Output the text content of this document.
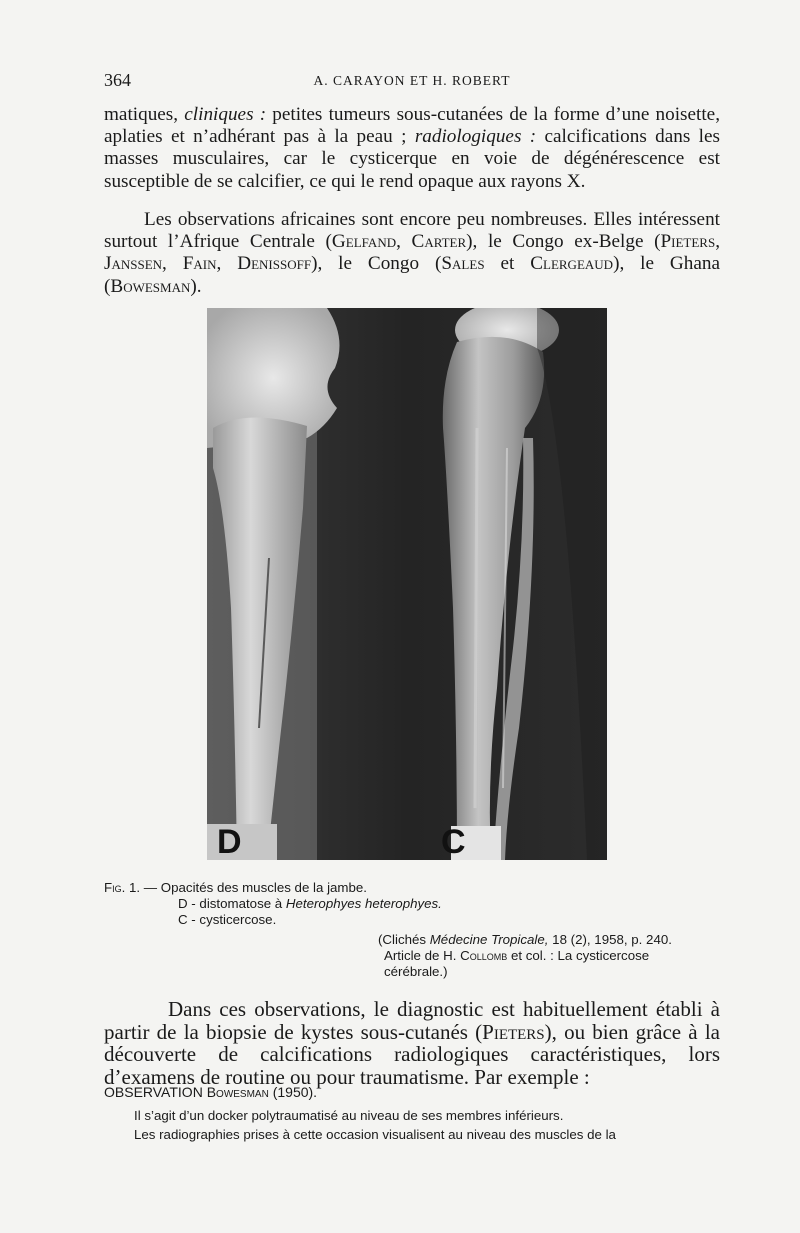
364	A. CARAYON ET H. ROBERT
matiques, cliniques : petites tumeurs sous-cutanées de la forme d’une noisette, aplaties et n’adhérant pas à la peau ; radiologiques : calcifications dans les masses musculaires, car le cysticerque en voie de dégénérescence est susceptible de se calcifier, ce qui le rend opaque aux rayons X.
Les observations africaines sont encore peu nombreuses. Elles intéressent surtout l’Afrique Centrale (Gelfand, Carter), le Congo ex-Belge (Pieters, Janssen, Fain, Denissoff), le Congo (Sales et Clergeaud), le Ghana (Bowesman).
D	C
Fig. 1. — Opacités des muscles de la jambe.
D - distomatose à Heterophyes heterophyes.
C - cysticercose.
(Clichés Médecine Tropicale, 18 (2), 1958, p. 240.
Article de H. Collomb et col. : La cysticercose
cérébrale.)
Dans ces observations, le diagnostic est habituellement établi à partir de la biopsie de kystes sous-cutanés (Pieters), ou bien grâce à la découverte de calcifications radiologiques caractéristiques, lors d’examens de routine ou pour traumatisme. Par exemple :
OBSERVATION Bowesman (1950).
Il s’agit d’un docker polytraumatisé au niveau de ses membres inférieurs.
Les radiographies prises à cette occasion visualisent au niveau des muscles de la
